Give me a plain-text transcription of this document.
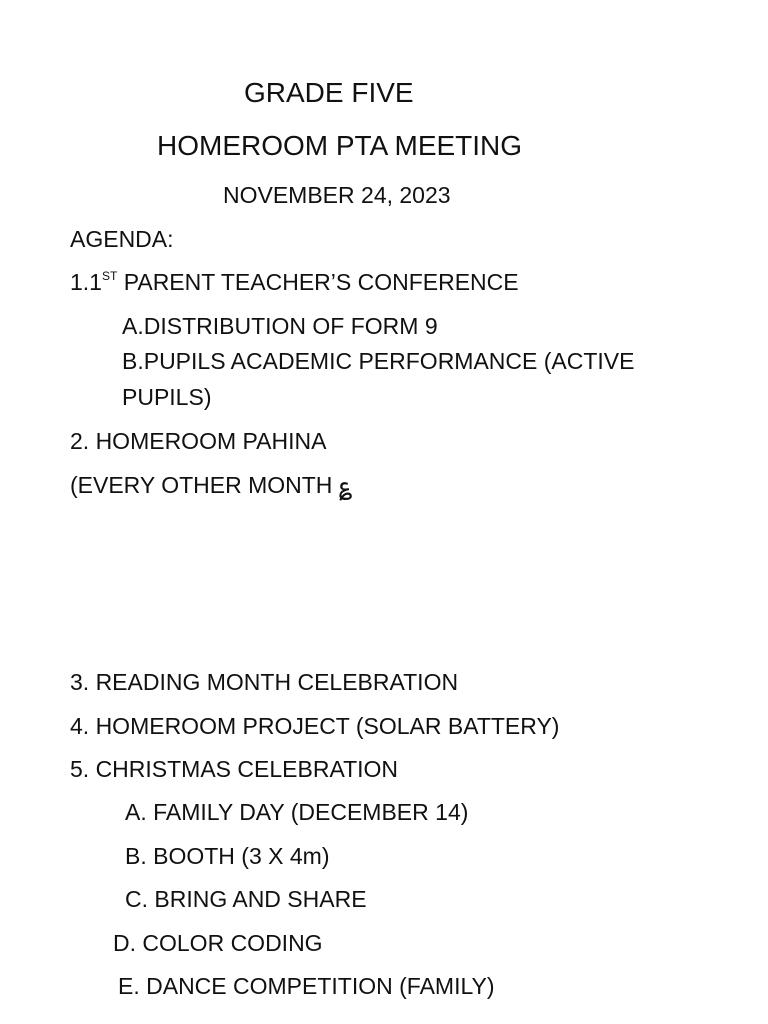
GRADE FIVE
HOMEROOM PTA MEETING
NOVEMBER 24, 2023
AGENDA:
1.1ST PARENT TEACHER’S CONFERENCE
A.DISTRIBUTION OF FORM 9
B.PUPILS ACADEMIC PERFORMANCE (ACTIVE
PUPILS)
2. HOMEROOM PAHINA
(EVERY OTHER MONTH ؏
3. READING MONTH CELEBRATION
4. HOMEROOM PROJECT (SOLAR BATTERY)
5. CHRISTMAS CELEBRATION
A. FAMILY DAY (DECEMBER 14)
B. BOOTH (3 X 4m)
C. BRING AND SHARE
D. COLOR CODING
E. DANCE COMPETITION (FAMILY)
